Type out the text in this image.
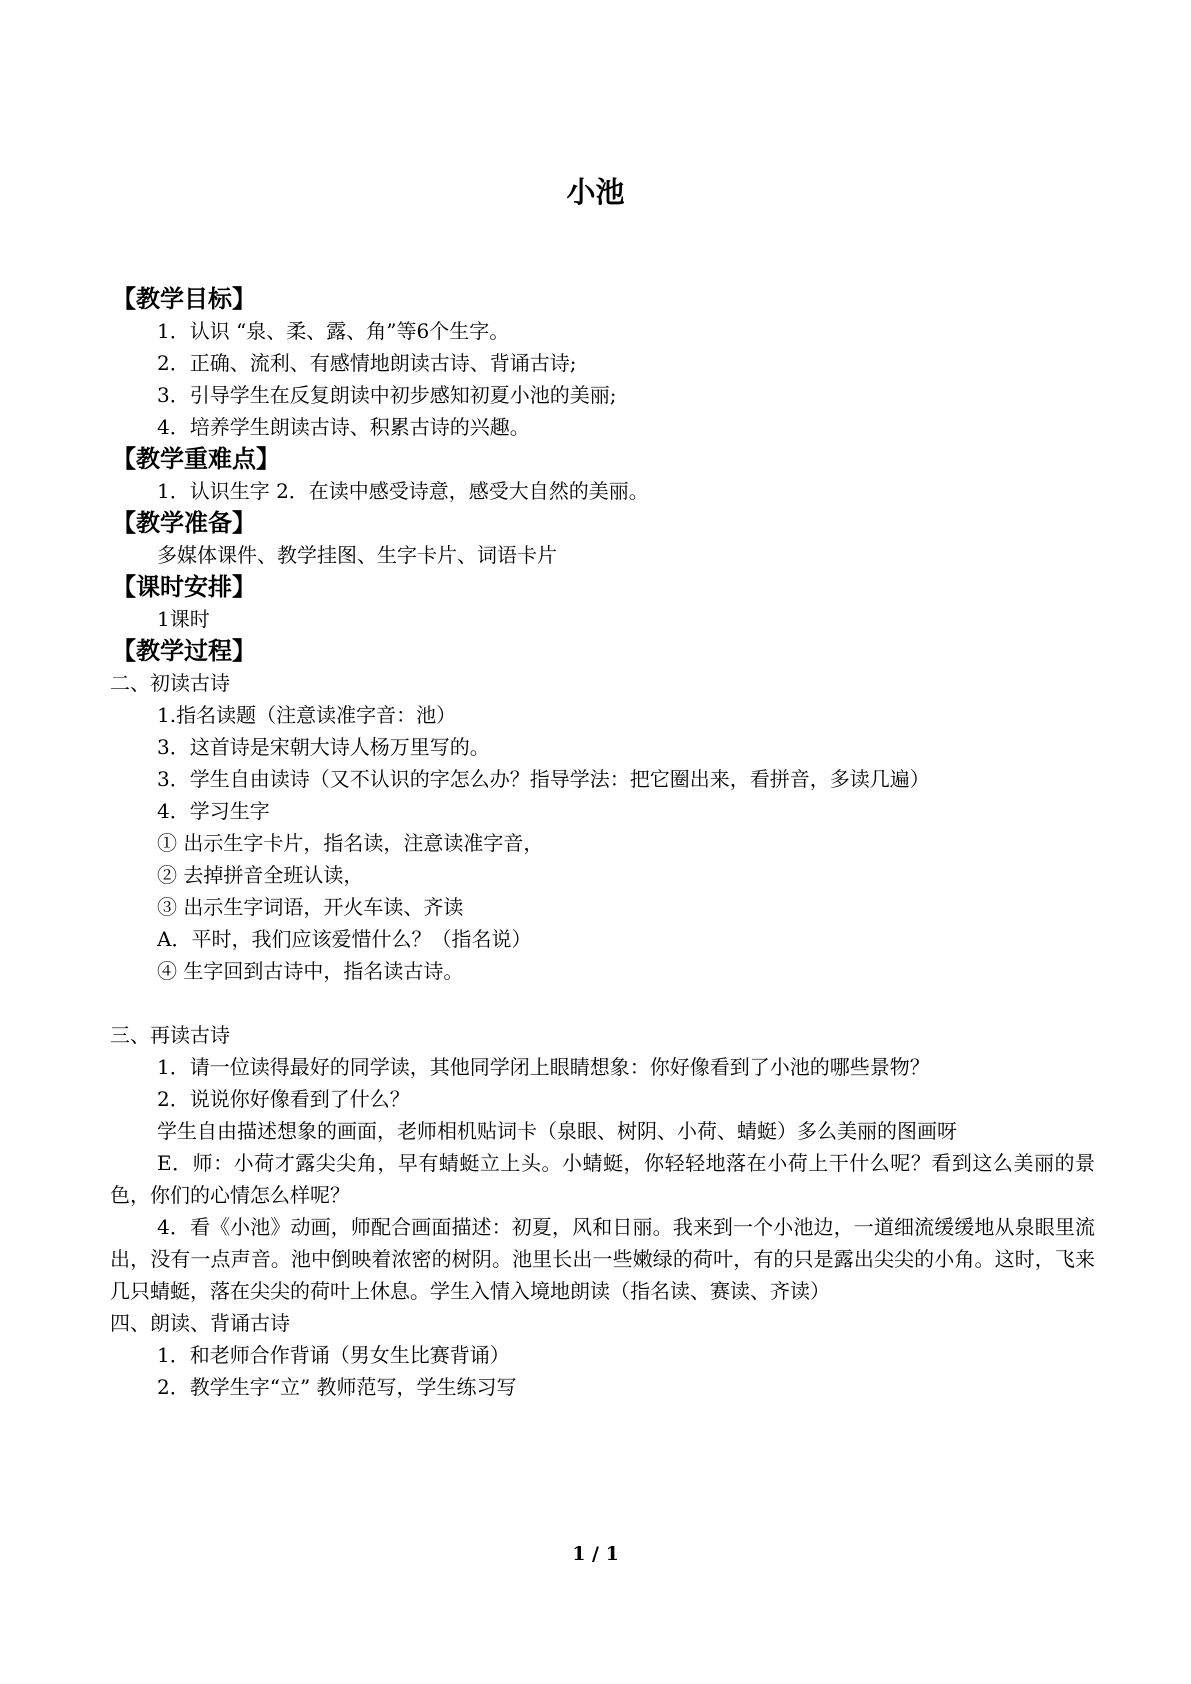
小池
【教学目标】
1．认识 “泉、柔、露、角”等6个生字。
2．正确、流利、有感情地朗读古诗、背诵古诗;
3．引导学生在反复朗读中初步感知初夏小池的美丽;
4．培养学生朗读古诗、积累古诗的兴趣。
【教学重难点】
1．认识生字 2．在读中感受诗意，感受大自然的美丽。
【教学准备】
多媒体课件、教学挂图、生字卡片、词语卡片
【课时安排】
1课时
【教学过程】
二、初读古诗
1.指名读题（注意读准字音：池）
3．这首诗是宋朝大诗人杨万里写的。
3．学生自由读诗（又不认识的字怎么办？指导学法：把它圈出来，看拼音，多读几遍）
4．学习生字
① 出示生字卡片，指名读，注意读准字音，
② 去掉拼音全班认读，
③ 出示生字词语，开火车读、齐读
A．平时，我们应该爱惜什么？（指名说）
④ 生字回到古诗中，指名读古诗。
三、再读古诗
1．请一位读得最好的同学读，其他同学闭上眼睛想象：你好像看到了小池的哪些景物？
2．说说你好像看到了什么？
学生自由描述想象的画面，老师相机贴词卡（泉眼、树阴、小荷、蜻蜓）多么美丽的图画呀
E．师：小荷才露尖尖角，早有蜻蜓立上头。小蜻蜓，你轻轻地落在小荷上干什么呢？看到这么美丽的景色，你们的心情怎么样呢？
4．看《小池》动画，师配合画面描述：初夏，风和日丽。我来到一个小池边，一道细流缓缓地从泉眼里流出，没有一点声音。池中倒映着浓密的树阴。池里长出一些嫩绿的荷叶，有的只是露出尖尖的小角。这时，飞来几只蜻蜓，落在尖尖的荷叶上休息。学生入情入境地朗读（指名读、赛读、齐读）
四、朗读、背诵古诗
1．和老师合作背诵（男女生比赛背诵）
2．教学生字“立” 教师范写，学生练习写
1 / 1
